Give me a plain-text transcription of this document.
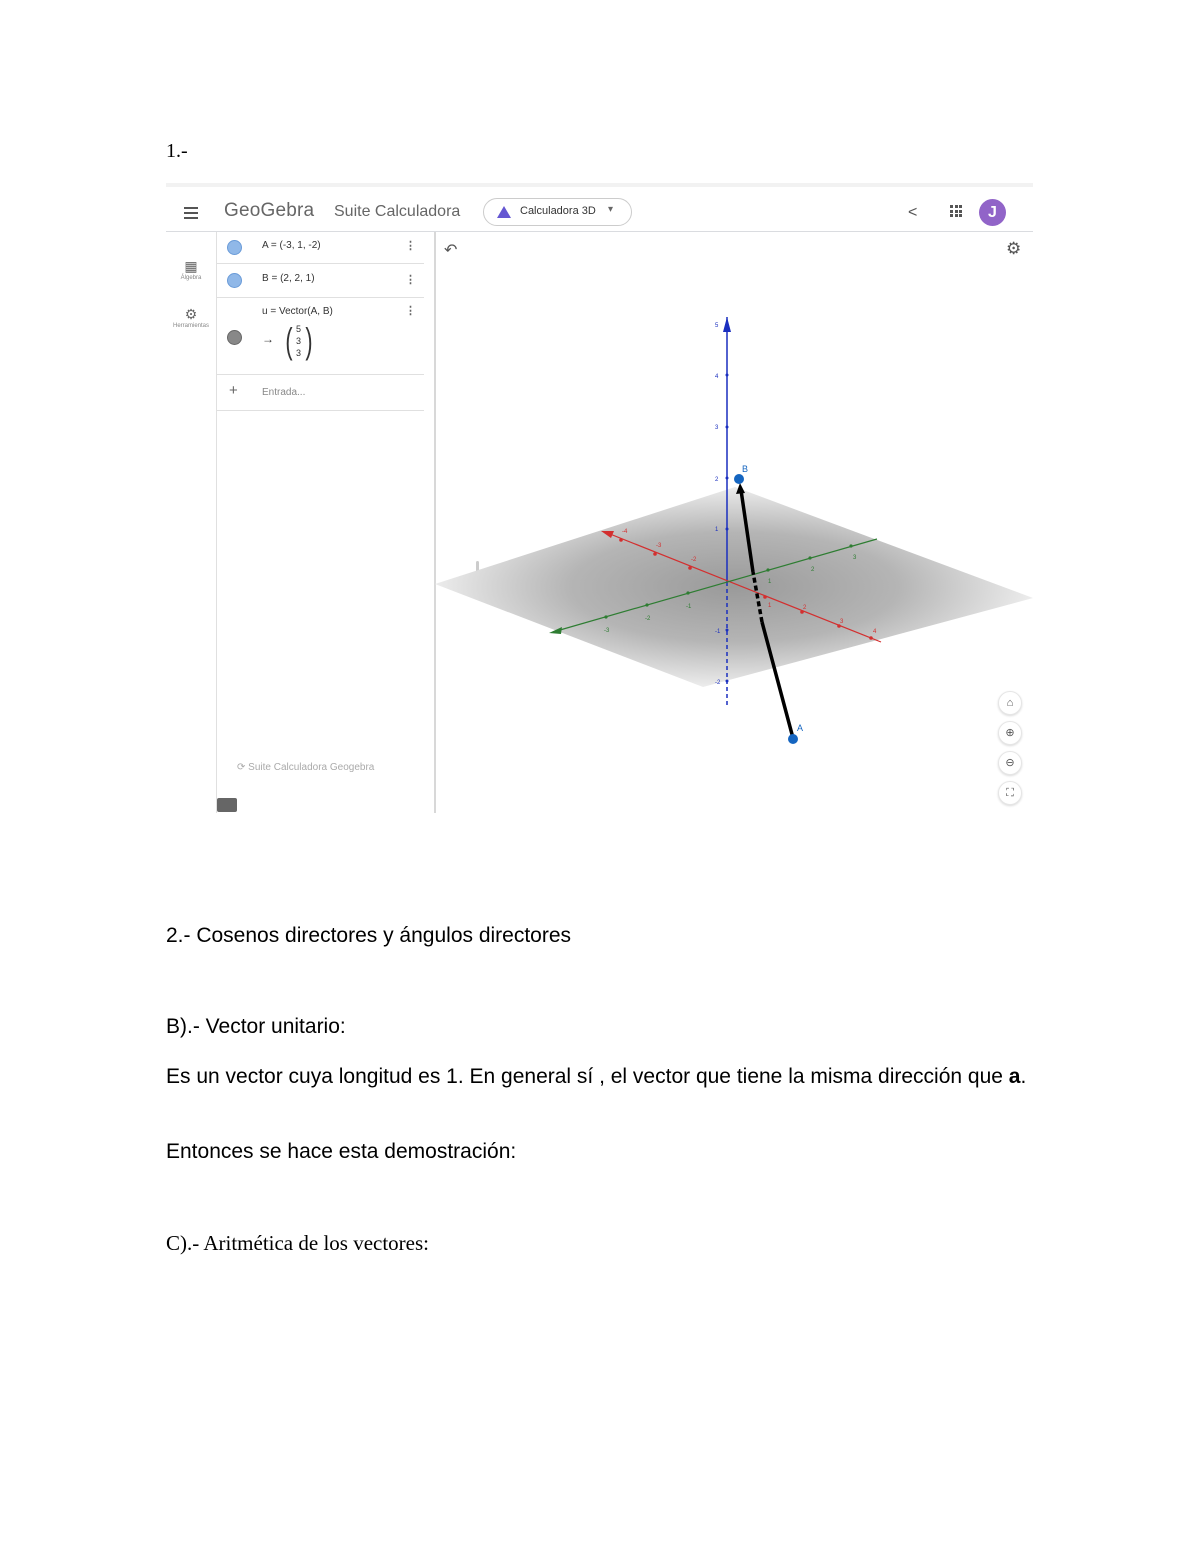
1.-
GeoGebra Suite Calculadora	Calculadora 3D ▾	<	J
▦
Álgebra
⚙
Herramientas
A = (-3, 1, -2)	⋮
B = (2, 2, 1)	⋮
u = Vector(A, B)	⋮
→ ( )
5
3
3
+ Entrada...
⟳ Suite Calculadora Geogebra
5
4
3
2
1
-1
-2
-4
-3
-2
1	2
3
4
-3
-2
-1
1
2
3
B
A
↶	⚙
⌂
⊕
⊖
⛶
2.- Cosenos directores y ángulos directores
B).- Vector unitario:
Es un vector cuya longitud es 1. En general sí , el vector que tiene la misma dirección que a.
Entonces se hace esta demostración:
C).- Aritmética de los vectores:
